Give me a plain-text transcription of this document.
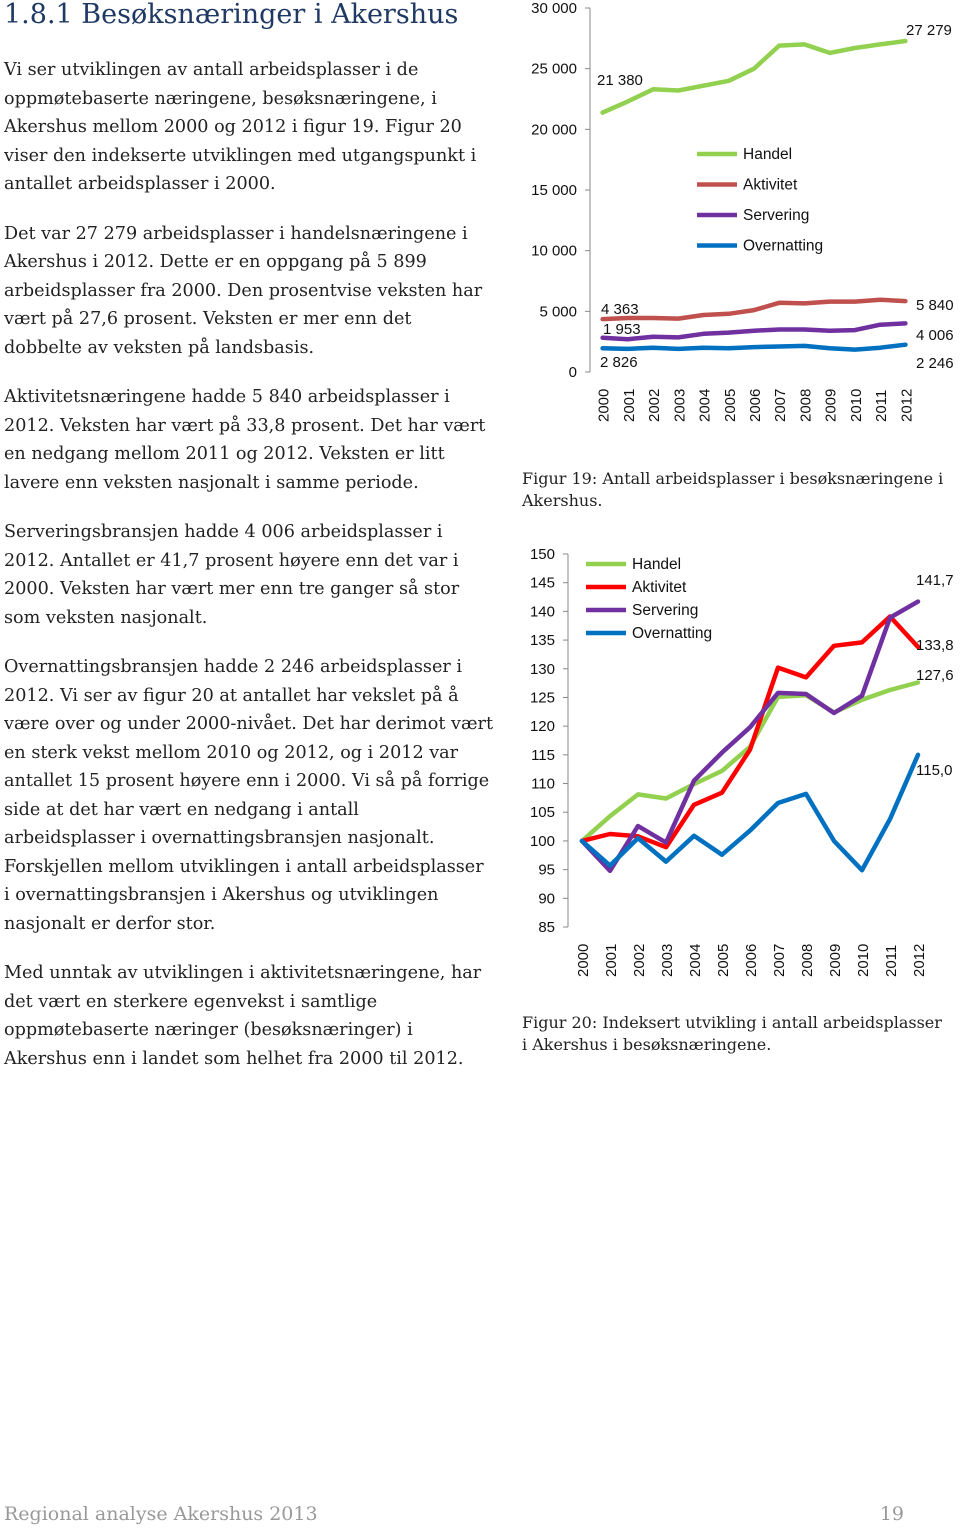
1.8.1 Besøksnæringer i Akershus

Vi ser utviklingen av antall arbeidsplasser i de oppmøtebaserte næringene, besøksnæringene, i Akershus mellom 2000 og 2012 i figur 19. Figur 20 viser den indekserte utviklingen med utgangspunkt i antallet arbeidsplasser i 2000.

Det var 27 279 arbeidsplasser i handelsnæringene i Akershus i 2012. Dette er en oppgang på 5 899 arbeidsplasser fra 2000. Den prosentvise veksten har vært på 27,6 prosent. Veksten er mer enn det dobbelte av veksten på landsbasis.

Aktivitetsnæringene hadde 5 840 arbeidsplasser i 2012. Veksten har vært på 33,8 prosent. Det har vært en nedgang mellom 2011 og 2012. Veksten er litt lavere enn veksten nasjonalt i samme periode.

Serveringsbransjen hadde 4 006 arbeidsplasser i 2012. Antallet er 41,7 prosent høyere enn det var i 2000. Veksten har vært mer enn tre ganger så stor som veksten nasjonalt.

Overnattingsbransjen hadde 2 246 arbeidsplasser i 2012. Vi ser av figur 20 at antallet har vekslet på å være over og under 2000-nivået. Det har derimot vært en sterk vekst mellom 2010 og 2012, og i 2012 var antallet 15 prosent høyere enn i 2000. Vi så på forrige side at det har vært en nedgang i antall arbeidsplasser i overnattingsbransjen nasjonalt. Forskjellen mellom utviklingen i antall arbeidsplasser i overnattingsbransjen i Akershus og utviklingen nasjonalt er derfor stor.

Med unntak av utviklingen i aktivitetsnæringene, har det vært en sterkere egenvekst i samtlige oppmøtebaserte næringer (besøksnæringer) i Akershus enn i landet som helhet fra 2000 til 2012.

0
5 000
10 000
15 000
20 000
25 000
30 000
2000 2001 2002 2003 2004 2005 2006 2007 2008 2009 2010 2011 2012
Handel
Aktivitet
Servering
Overnatting
21 380
27 279
4 363
1 953
2 826
5 840
4 006
2 246
85
90
95
100
105
110
115
120
125
130
135
140
145
150
2000 2001 2002 2003 2004 2005 2006 2007 2008 2009 2010 2011 2012
Handel
Aktivitet
Servering
Overnatting
141,7
133,8
127,6
115,0

Figur 19: Antall arbeidsplasser i besøksnæringene i Akershus.

Figur 20: Indeksert utvikling i antall arbeidsplasser i Akershus i besøksnæringene.

Regional analyse Akershus 2013	19
